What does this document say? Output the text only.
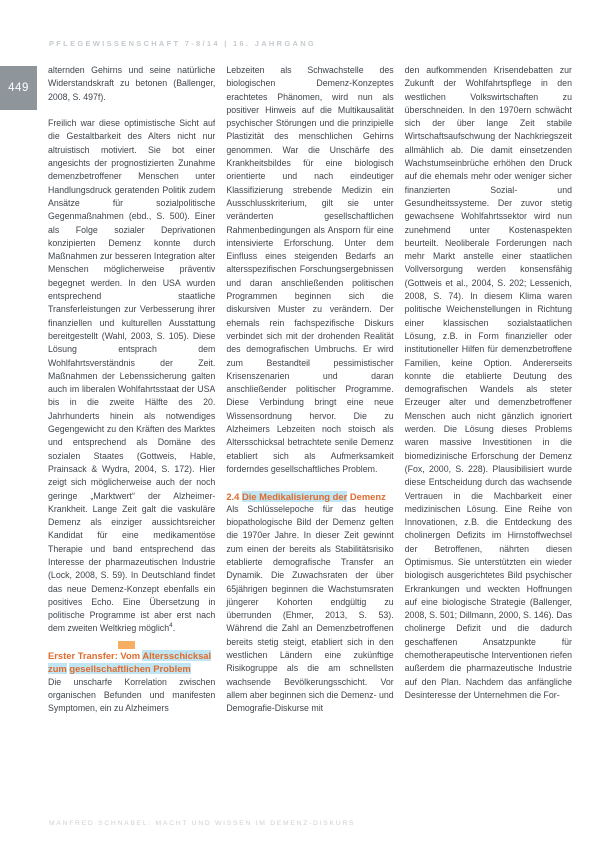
PFLEGEWISSENSCHAFT 7-8/14 | 16. JAHRGANG
449

alternden Gehirns und seine natürliche Widerstandskraft zu betonen (Ballenger, 2008, S. 497f).

Freilich war diese optimistische Sicht auf die Gestaltbarkeit des Alters nicht nur altruistisch motiviert. Sie bot einer angesichts der prognostizierten Zunahme demenzbetroffener Menschen unter Handlungsdruck geratenden Politik zudem Ansätze für sozialpolitische Gegenmaßnahmen (ebd., S. 500). Einer als Folge sozialer Deprivationen konzipierten Demenz konnte durch Maßnahmen zur besseren Integration alter Menschen möglicherweise präventiv begegnet werden. In den USA wurden entsprechend staatliche Transferleistungen zur Verbesserung ihrer finanziellen und kulturellen Ausstattung bereitgestellt (Wahl, 2003, S. 105). Diese Lösung entsprach dem Wohlfahrtsverständnis der Zeit. Maßnahmen der Lebenssicherung galten auch im liberalen Wohlfahrtsstaat der USA bis in die zweite Hälfte des 20. Jahrhunderts hinein als notwendiges Gegengewicht zu den Kräften des Marktes und entsprechend als Domäne des sozialen Staates (Gottweis, Hable, Prainsack & Wydra, 2004, S. 172). Hier zeigt sich möglicherweise auch der noch geringe „Marktwert“ der Alzheimer-Krankheit. Lange Zeit galt die vaskuläre Demenz als einziger aussichtsreicher Kandidat für eine medikamentöse Therapie und band entsprechend das Interesse der pharmazeutischen Industrie (Lock, 2008, S. 59). In Deutschland findet das neue Demenz-Konzept ebenfalls ein positives Echo. Eine Übersetzung in politische Programme ist aber erst nach dem zweiten Weltkrieg möglich$^4$.

Erster Transfer: Vom Altersschicksal zum gesellschaftlichen Problem

Die unscharfe Korrelation zwischen organischen Befunden und manifesten Symptomen, ein zu Alzheimers

Lebzeiten als Schwachstelle des biologischen Demenz-Konzeptes erachtetes Phänomen, wird nun als positiver Hinweis auf die Multikausalität psychischer Störungen und die prinzipielle Plastizität des menschlichen Gehirns genommen. War die Unschärfe des Krankheitsbildes für eine biologisch orientierte und nach eindeutiger Klassifizierung strebende Medizin ein Ausschlusskriterium, gilt sie unter veränderten gesellschaftlichen Rahmenbedingungen als Ansporn für eine intensivierte Erforschung. Unter dem Einfluss eines steigenden Bedarfs an altersspezifischen Forschungsergebnissen und daran anschließenden politischen Programmen beginnen sich die diskursiven Muster zu verändern. Der ehemals rein fachspezifische Diskurs verbindet sich mit der drohenden Realität des demografischen Umbruchs. Er wird zum Bestandteil pessimistischer Krisenszenarien und daran anschließender politischer Programme. Diese Verbindung bringt eine neue Wissensordnung hervor. Die zu Alzheimers Lebzeiten noch stoisch als Altersschicksal betrachtete senile Demenz etabliert sich als Aufmerksamkeit forderndes gesellschaftliches Problem.

2.4 Die Medikalisierung der Demenz

Als Schlüsselepoche für das heutige biopathologische Bild der Demenz gelten die 1970er Jahre. In dieser Zeit gewinnt zum einen der bereits als Stabilitätsrisiko etablierte demografische Transfer an Dynamik. Die Zuwachsraten der über 65jährigen beginnen die Wachstumsraten jüngerer Kohorten endgültig zu überrunden (Ehmer, 2013, S. 53). Während die Zahl an Demenzbetroffenen bereits stetig steigt, etabliert sich in den westlichen Ländern eine zukünftige Risikogruppe als die am schnellsten wachsende Bevölkerungsschicht. Vor allem aber beginnen sich die Demenz- und Demografie-Diskurse mit

den aufkommenden Krisendebatten zur Zukunft der Wohlfahrtspflege in den westlichen Volkswirtschaften zu überschneiden. In den 1970ern schwächt sich der über lange Zeit stabile Wirtschaftsaufschwung der Nachkriegszeit allmählich ab. Die damit einsetzenden Wachstumseinbrüche erhöhen den Druck auf die ehemals mehr oder weniger sicher finanzierten Sozial- und Gesundheitssysteme. Der zuvor stetig gewachsene Wohlfahrtssektor wird nun zunehmend unter Kostenaspekten beurteilt. Neoliberale Forderungen nach mehr Markt anstelle einer staatlichen Vollversorgung werden konsensfähig (Gottweis et al., 2004, S. 202; Lessenich, 2008, S. 74). In diesem Klima waren politische Weichenstellungen in Richtung einer klassischen sozialstaatlichen Lösung, z.B. in Form finanzieller oder institutioneller Hilfen für demenzbetroffene Familien, keine Option. Andererseits konnte die etablierte Deutung des demografischen Wandels als steter Erzeuger alter und demenzbetroffener Menschen auch nicht gänzlich ignoriert werden. Die Lösung dieses Problems waren massive Investitionen in die biomedizinische Erforschung der Demenz (Fox, 2000, S. 228). Plausibilisiert wurde diese Entscheidung durch das wachsende Vertrauen in die Machbarkeit einer medizinischen Lösung. Eine Reihe von Innovationen, z.B. die Entdeckung des cholinergen Defizits im Hirnstoffwechsel der Betroffenen, nährten diesen Optimismus. Sie unterstützten ein wieder biologisch ausgerichtetes Bild psychischer Erkrankungen und weckten Hoffnungen auf eine biologische Strategie (Ballenger, 2008, S. 501; Dillmann, 2000, S. 146). Das cholinerge Defizit und die dadurch geschaffenen Ansatzpunkte für chemotherapeutische Interventionen riefen außerdem die pharmazeutische Industrie auf den Plan. Nachdem das anfängliche Desinteresse der Unternehmen die For-

MANFRED SCHNABEL: MACHT UND WISSEN IM DEMENZ-DISKURS
